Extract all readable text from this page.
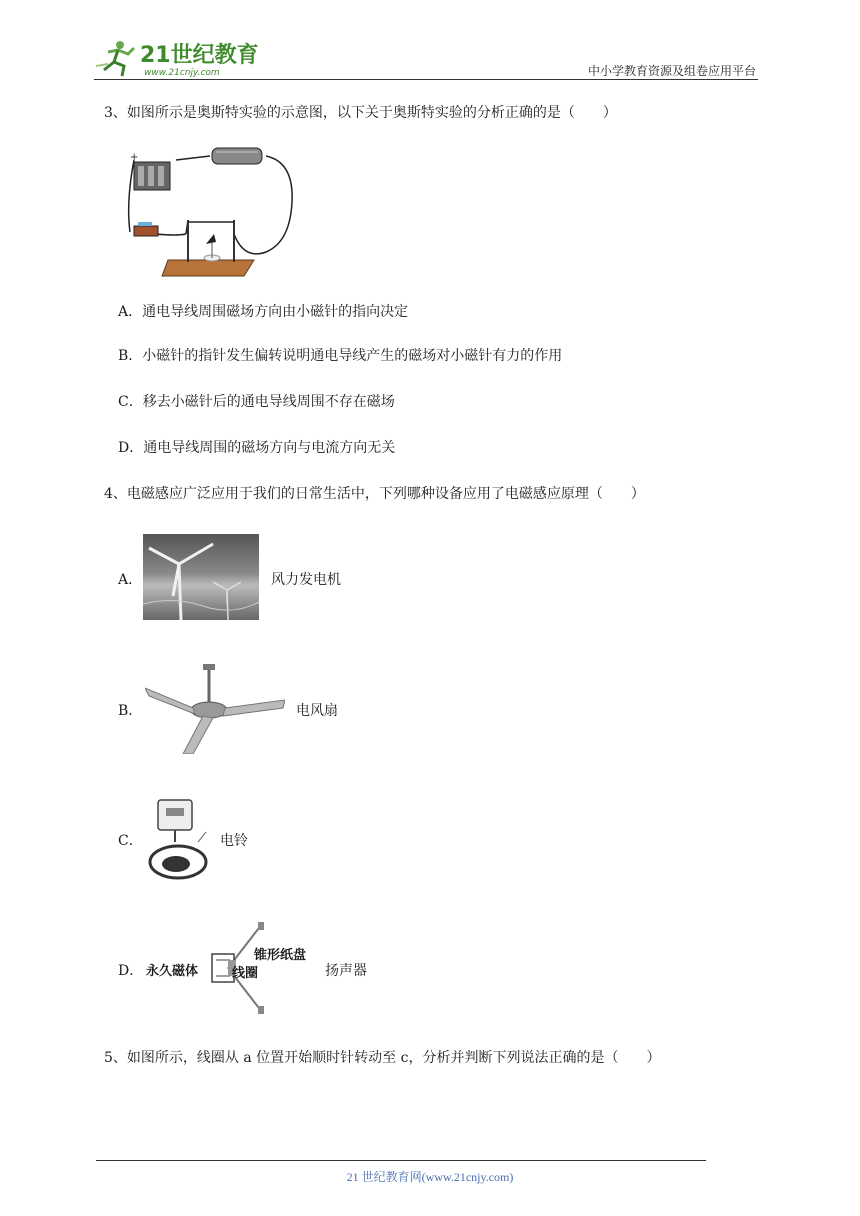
21世纪教育
www.21cnjy.com	中小学教育资源及组卷应用平台
3、如图所示是奥斯特实验的示意图，以下关于奥斯特实验的分析正确的是（　　）
+
A．通电导线周围磁场方向由小磁针的指向决定
B．小磁针的指针发生偏转说明通电导线产生的磁场对小磁针有力的作用
C．移去小磁针后的通电导线周围不存在磁场
D．通电导线周围的磁场方向与电流方向无关
4、电磁感应广泛应用于我们的日常生活中，下列哪种设备应用了电磁感应原理（　　）
A．	风力发电机
B．	电风扇
C．	电铃
D． 永久磁体
锥形纸盘
线圈	扬声器
5、如图所示，线圈从 a 位置开始顺时针转动至 c，分析并判断下列说法正确的是（　　）
21 世纪教育网(www.21cnjy.com)
